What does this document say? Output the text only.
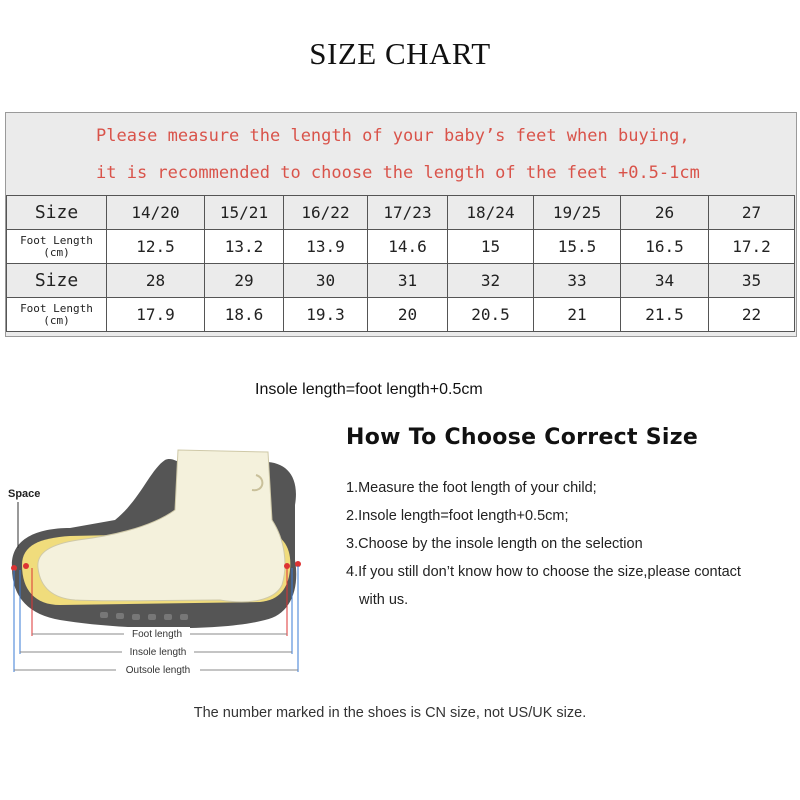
SIZE CHART
Please measure the length of your baby’s feet when buying,
it is recommended to choose the length of the feet +0.5-1cm
Size	14/20	15/21	16/22	17/23	18/24	19/25	26	27
Foot Length
(cm)	12.5	13.2	13.9	14.6	15	15.5	16.5	17.2
Size	28	29	30	31	32	33	34	35
Foot Length
(cm)	17.9	18.6	19.3	20	20.5	21	21.5	22
Insole length=foot length+0.5cm
How To Choose Correct Size
1.Measure the foot length of your child;
2.Insole length=foot length+0.5cm;
3.Choose by the insole length on the selection
4.If you still don’t know how to choose the size,please contact
with us.
Space
Foot length
Insole length
Outsole length
The number marked in the shoes is CN size, not US/UK size.
